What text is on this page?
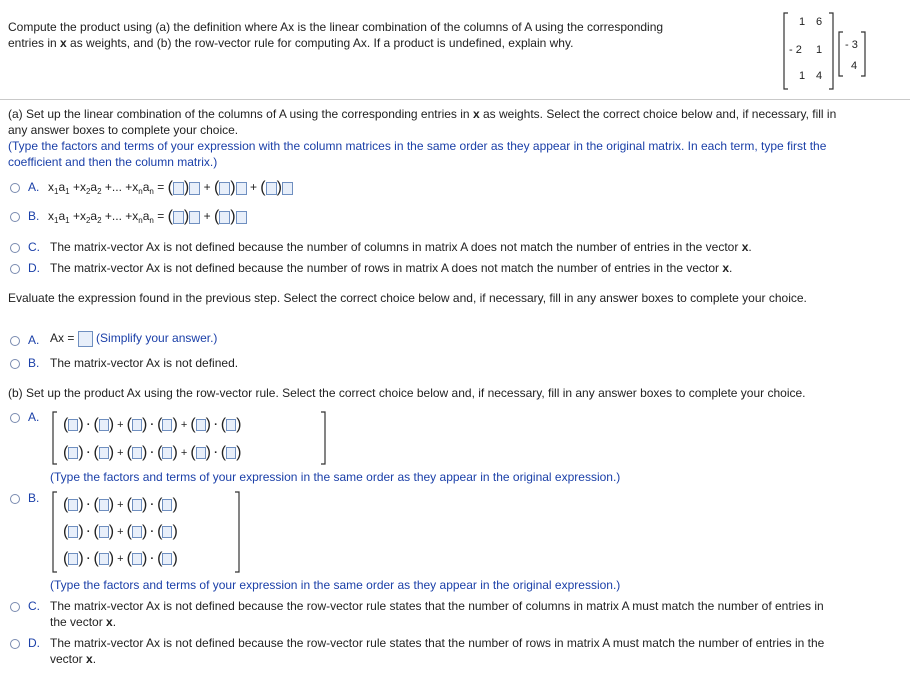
Compute the product using (a) the definition where Ax is the linear combination of the columns of A using the corresponding
entries in x as weights, and (b) the row-vector rule for computing Ax. If a product is undefined, explain why.
1 6
- 2 1
1 4
- 3
4
(a) Set up the linear combination of the columns of A using the corresponding entries in x as weights. Select the correct choice below and, if necessary, fill in
any answer boxes to complete your choice.
(Type the factors and terms of your expression with the column matrices in the same order as they appear in the original matrix. In each term, type first the
coefficient and then the column matrix.)
A. $x_1a_1 +x_2a_2$ +... $+x_na_n$ = ( ) + ( ) + ( )
B. $x_1a_1 +x_2a_2$ +... $+x_na_n$ = ( ) + ( )
C. The matrix-vector Ax is not defined because the number of columns in matrix A does not match the number of entries in the vector x.
D. The matrix-vector Ax is not defined because the number of rows in matrix A does not match the number of entries in the vector x.
Evaluate the expression found in the previous step. Select the correct choice below and, if necessary, fill in any answer boxes to complete your choice.
A. Ax = (Simplify your answer.)
B. The matrix-vector Ax is not defined.
(b) Set up the product Ax using the row-vector rule. Select the correct choice below and, if necessary, fill in any answer boxes to complete your choice.
A. ( ) · ( ) + ( ) · ( ) + ( ) · ( )
( ) · ( ) + ( ) · ( ) + ( ) · ( )
(Type the factors and terms of your expression in the same order as they appear in the original expression.)
B. ( ) · ( ) + ( ) · ( )
( ) · ( ) + ( ) · ( )
( ) · ( ) + ( ) · ( )
(Type the factors and terms of your expression in the same order as they appear in the original expression.)
C. The matrix-vector Ax is not defined because the row-vector rule states that the number of columns in matrix A must match the number of entries in
the vector x.
D. The matrix-vector Ax is not defined because the row-vector rule states that the number of rows in matrix A must match the number of entries in the
vector x.
